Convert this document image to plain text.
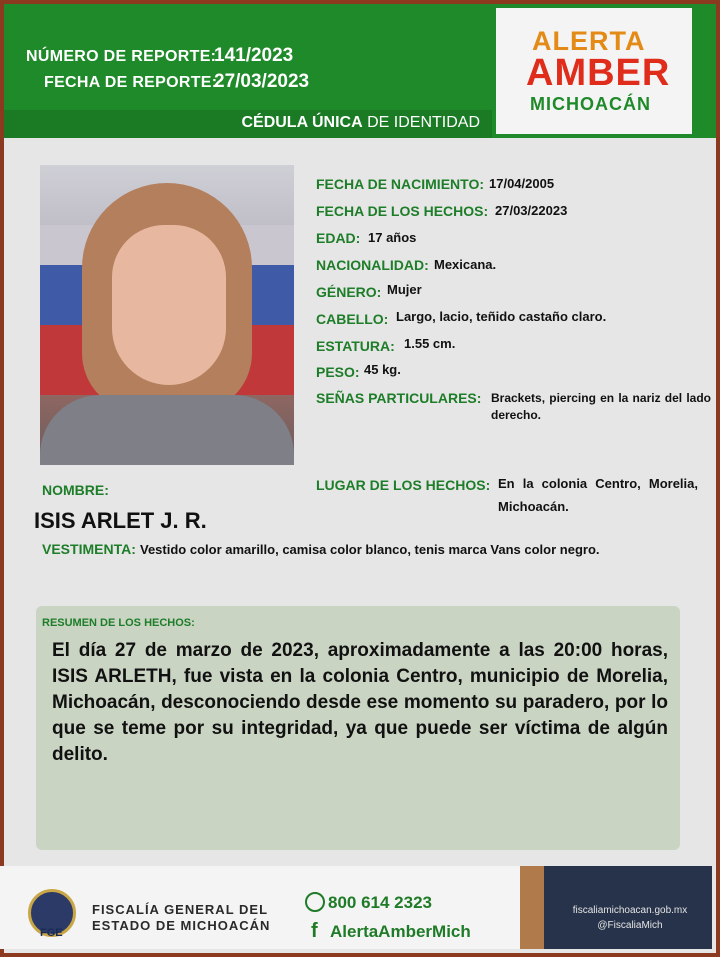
NÚMERO DE REPORTE:
141/2023
FECHA DE REPORTE:
27/03/2023
CÉDULA ÚNICA DE IDENTIDAD
ALERTA
AMBER
MICHOACÁN
FECHA DE NACIMIENTO: 17/04/2005
FECHA DE LOS HECHOS: 27/03/22023
EDAD: 17 años
NACIONALIDAD: Mexicana.
GÉNERO: Mujer
CABELLO: Largo, lacio, teñido castaño claro.
ESTATURA: 1.55 cm.
PESO: 45 kg.
SEÑAS PARTICULARES: Brackets, piercing en la nariz del lado derecho.
LUGAR DE LOS HECHOS: En la colonia Centro, Morelia, Michoacán.
NOMBRE:
ISIS ARLET J. R.
VESTIMENTA: Vestido color amarillo, camisa color blanco, tenis marca Vans color negro.
RESUMEN DE LOS HECHOS:
El día 27 de marzo de 2023, aproximadamente a las 20:00 horas, ISIS ARLETH, fue vista en la colonia Centro, municipio de Morelia, Michoacán, desconociendo desde ese momento su paradero, por lo que se teme por su integridad, ya que puede ser víctima de algún delito.
FGE
FISCALÍA GENERAL DEL
ESTADO DE MICHOACÁN
800 614 2323
f AlertaAmberMich
fiscaliamichoacan.gob.mx
@FiscaliaMich
